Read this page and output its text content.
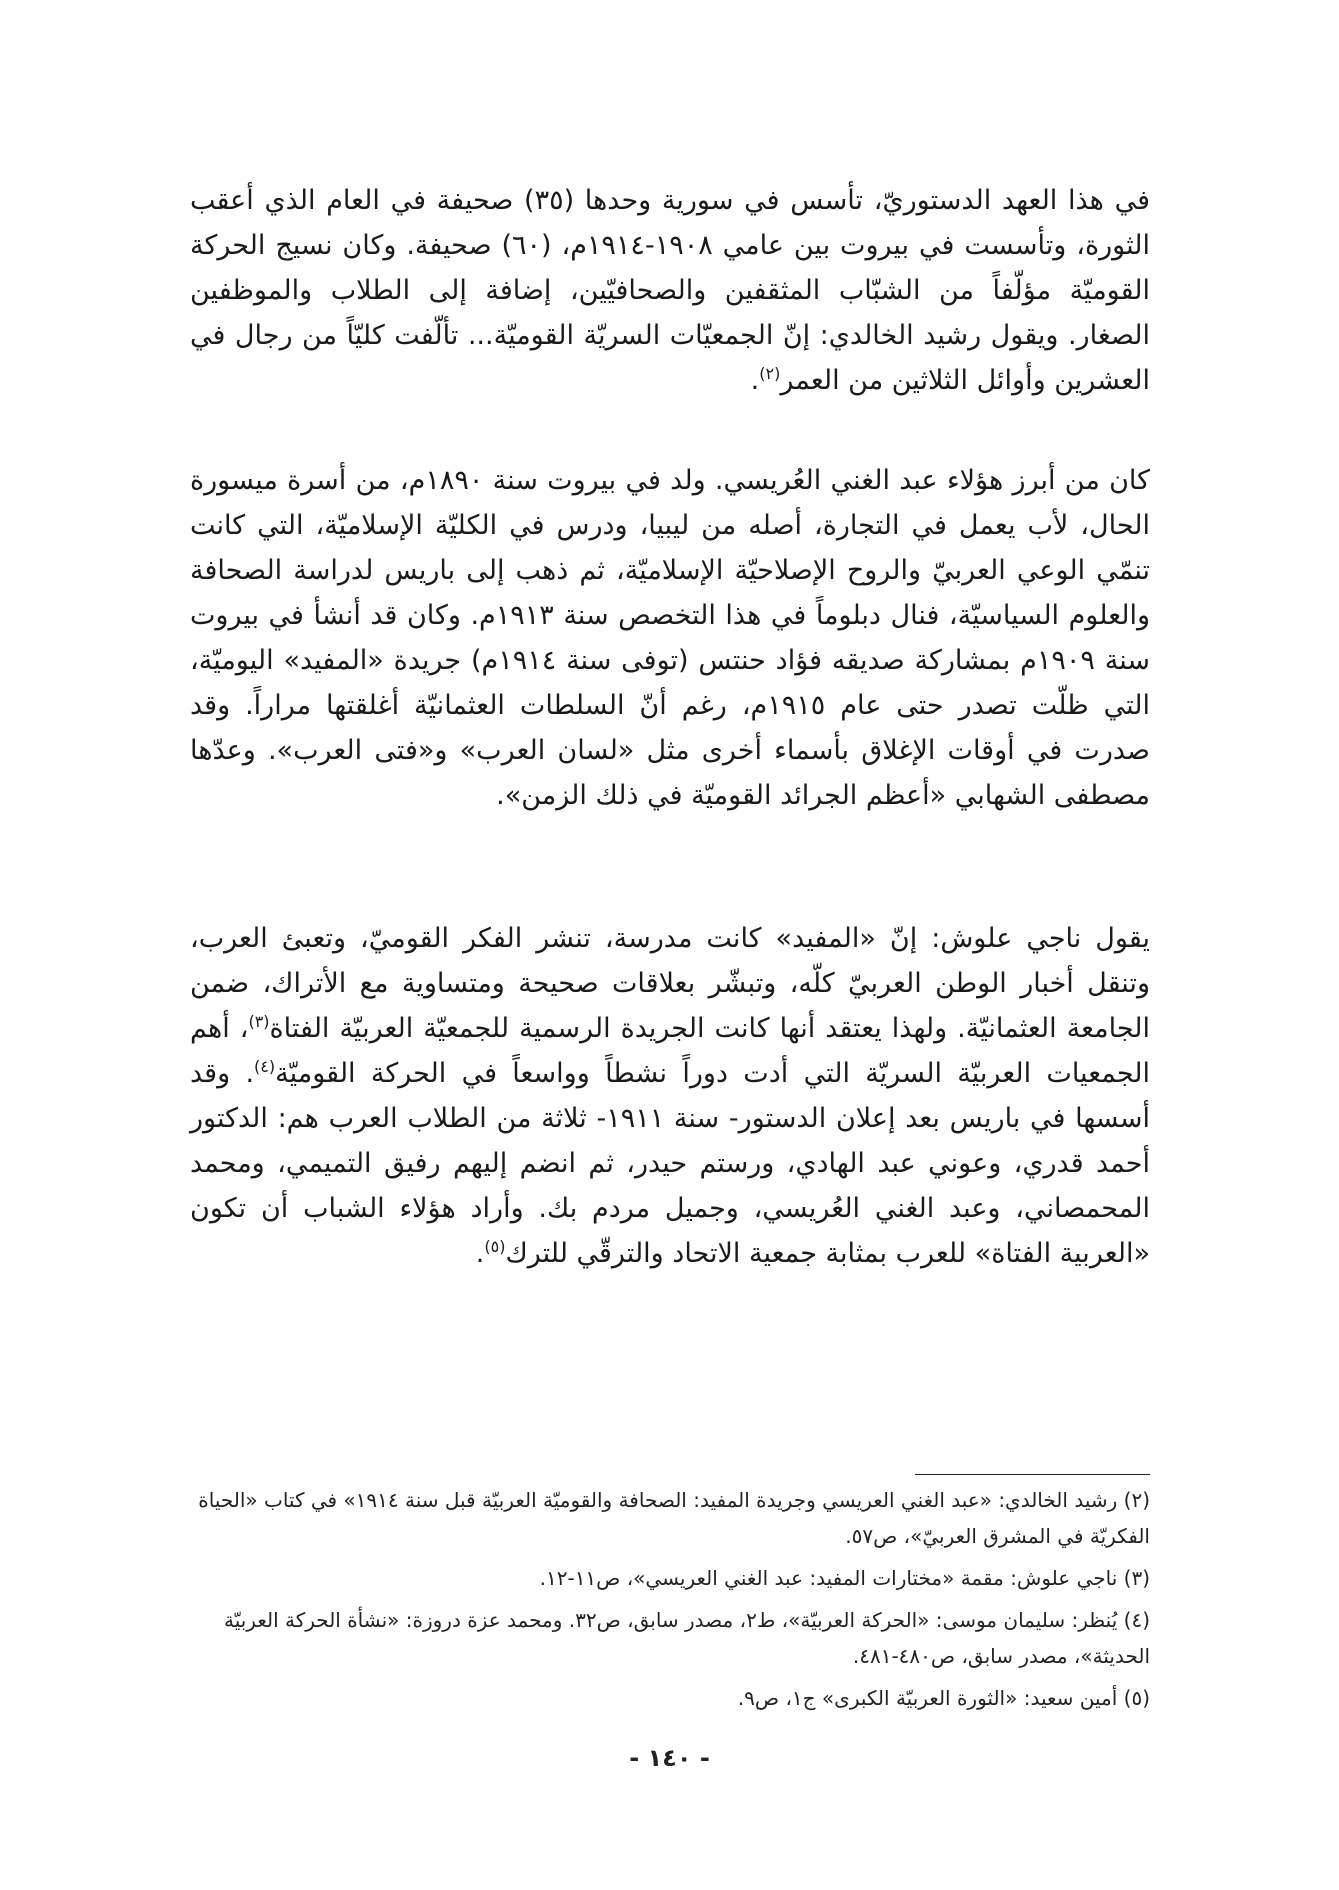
في هذا العهد الدستوريّ، تأسس في سورية وحدها (٣٥) صحيفة في العام الذي أعقب الثورة، وتأسست في بيروت بين عامي ١٩٠٨-١٩١٤م، (٦٠) صحيفة. وكان نسيج الحركة القوميّة مؤلّفاً من الشبّاب المثقفين والصحافيّين، إضافة إلى الطلاب والموظفين الصغار. ويقول رشيد الخالدي: إنّ الجمعيّات السريّة القوميّة... تألّفت كليّاً من رجال في العشرين وأوائل الثلاثين من العمر$^{(٢)}$.

كان من أبرز هؤلاء عبد الغني العُريسي. ولد في بيروت سنة ١٨٩٠م، من أسرة ميسورة الحال، لأب يعمل في التجارة، أصله من ليبيا، ودرس في الكليّة الإسلاميّة، التي كانت تنمّي الوعي العربيّ والروح الإصلاحيّة الإسلاميّة، ثم ذهب إلى باريس لدراسة الصحافة والعلوم السياسيّة، فنال دبلوماً في هذا التخصص سنة ١٩١٣م. وكان قد أنشأ في بيروت سنة ١٩٠٩م بمشاركة صديقه فؤاد حنتس (توفى سنة ١٩١٤م) جريدة «المفيد» اليوميّة، التي ظلّت تصدر حتى عام ١٩١٥م، رغم أنّ السلطات العثمانيّة أغلقتها مراراً. وقد صدرت في أوقات الإغلاق بأسماء أخرى مثل «لسان العرب» و«فتى العرب». وعدّها مصطفى الشهابي «أعظم الجرائد القوميّة في ذلك الزمن».

يقول ناجي علوش: إنّ «المفيد» كانت مدرسة، تنشر الفكر القوميّ، وتعبئ العرب، وتنقل أخبار الوطن العربيّ كلّه، وتبشّر بعلاقات صحيحة ومتساوية مع الأتراك، ضمن الجامعة العثمانيّة. ولهذا يعتقد أنها كانت الجريدة الرسمية للجمعيّة العربيّة الفتاة$^{(٣)}$، أهم الجمعيات العربيّة السريّة التي أدت دوراً نشطاً وواسعاً في الحركة القوميّة$^{(٤)}$. وقد أسسها في باريس بعد إعلان الدستور- سنة ١٩١١- ثلاثة من الطلاب العرب هم: الدكتور أحمد قدري، وعوني عبد الهادي، ورستم حيدر، ثم انضم إليهم رفيق التميمي، ومحمد المحمصاني، وعبد الغني العُريسي، وجميل مردم بك. وأراد هؤلاء الشباب أن تكون «العربية الفتاة» للعرب بمثابة جمعية الاتحاد والترقّي للترك$^{(٥)}$.

(٢) رشيد الخالدي: «عبد الغني العريسي وجريدة المفيد: الصحافة والقوميّة العربيّة قبل سنة ١٩١٤» في كتاب «الحياة الفكريّة في المشرق العربيّ»، ص٥٧.

(٣) ناجي علوش: مقمة «مختارات المفيد: عبد الغني العريسي»، ص١١-١٢.

(٤) يُنظر: سليمان موسى: «الحركة العربيّة»، ط٢، مصدر سابق، ص٣٢. ومحمد عزة دروزة: «نشأة الحركة العربيّة الحديثة»، مصدر سابق، ص٤٨٠-٤٨١.

(٥) أمين سعيد: «الثورة العربيّة الكبرى» ج١، ص٩.

- ١٤٠ -
